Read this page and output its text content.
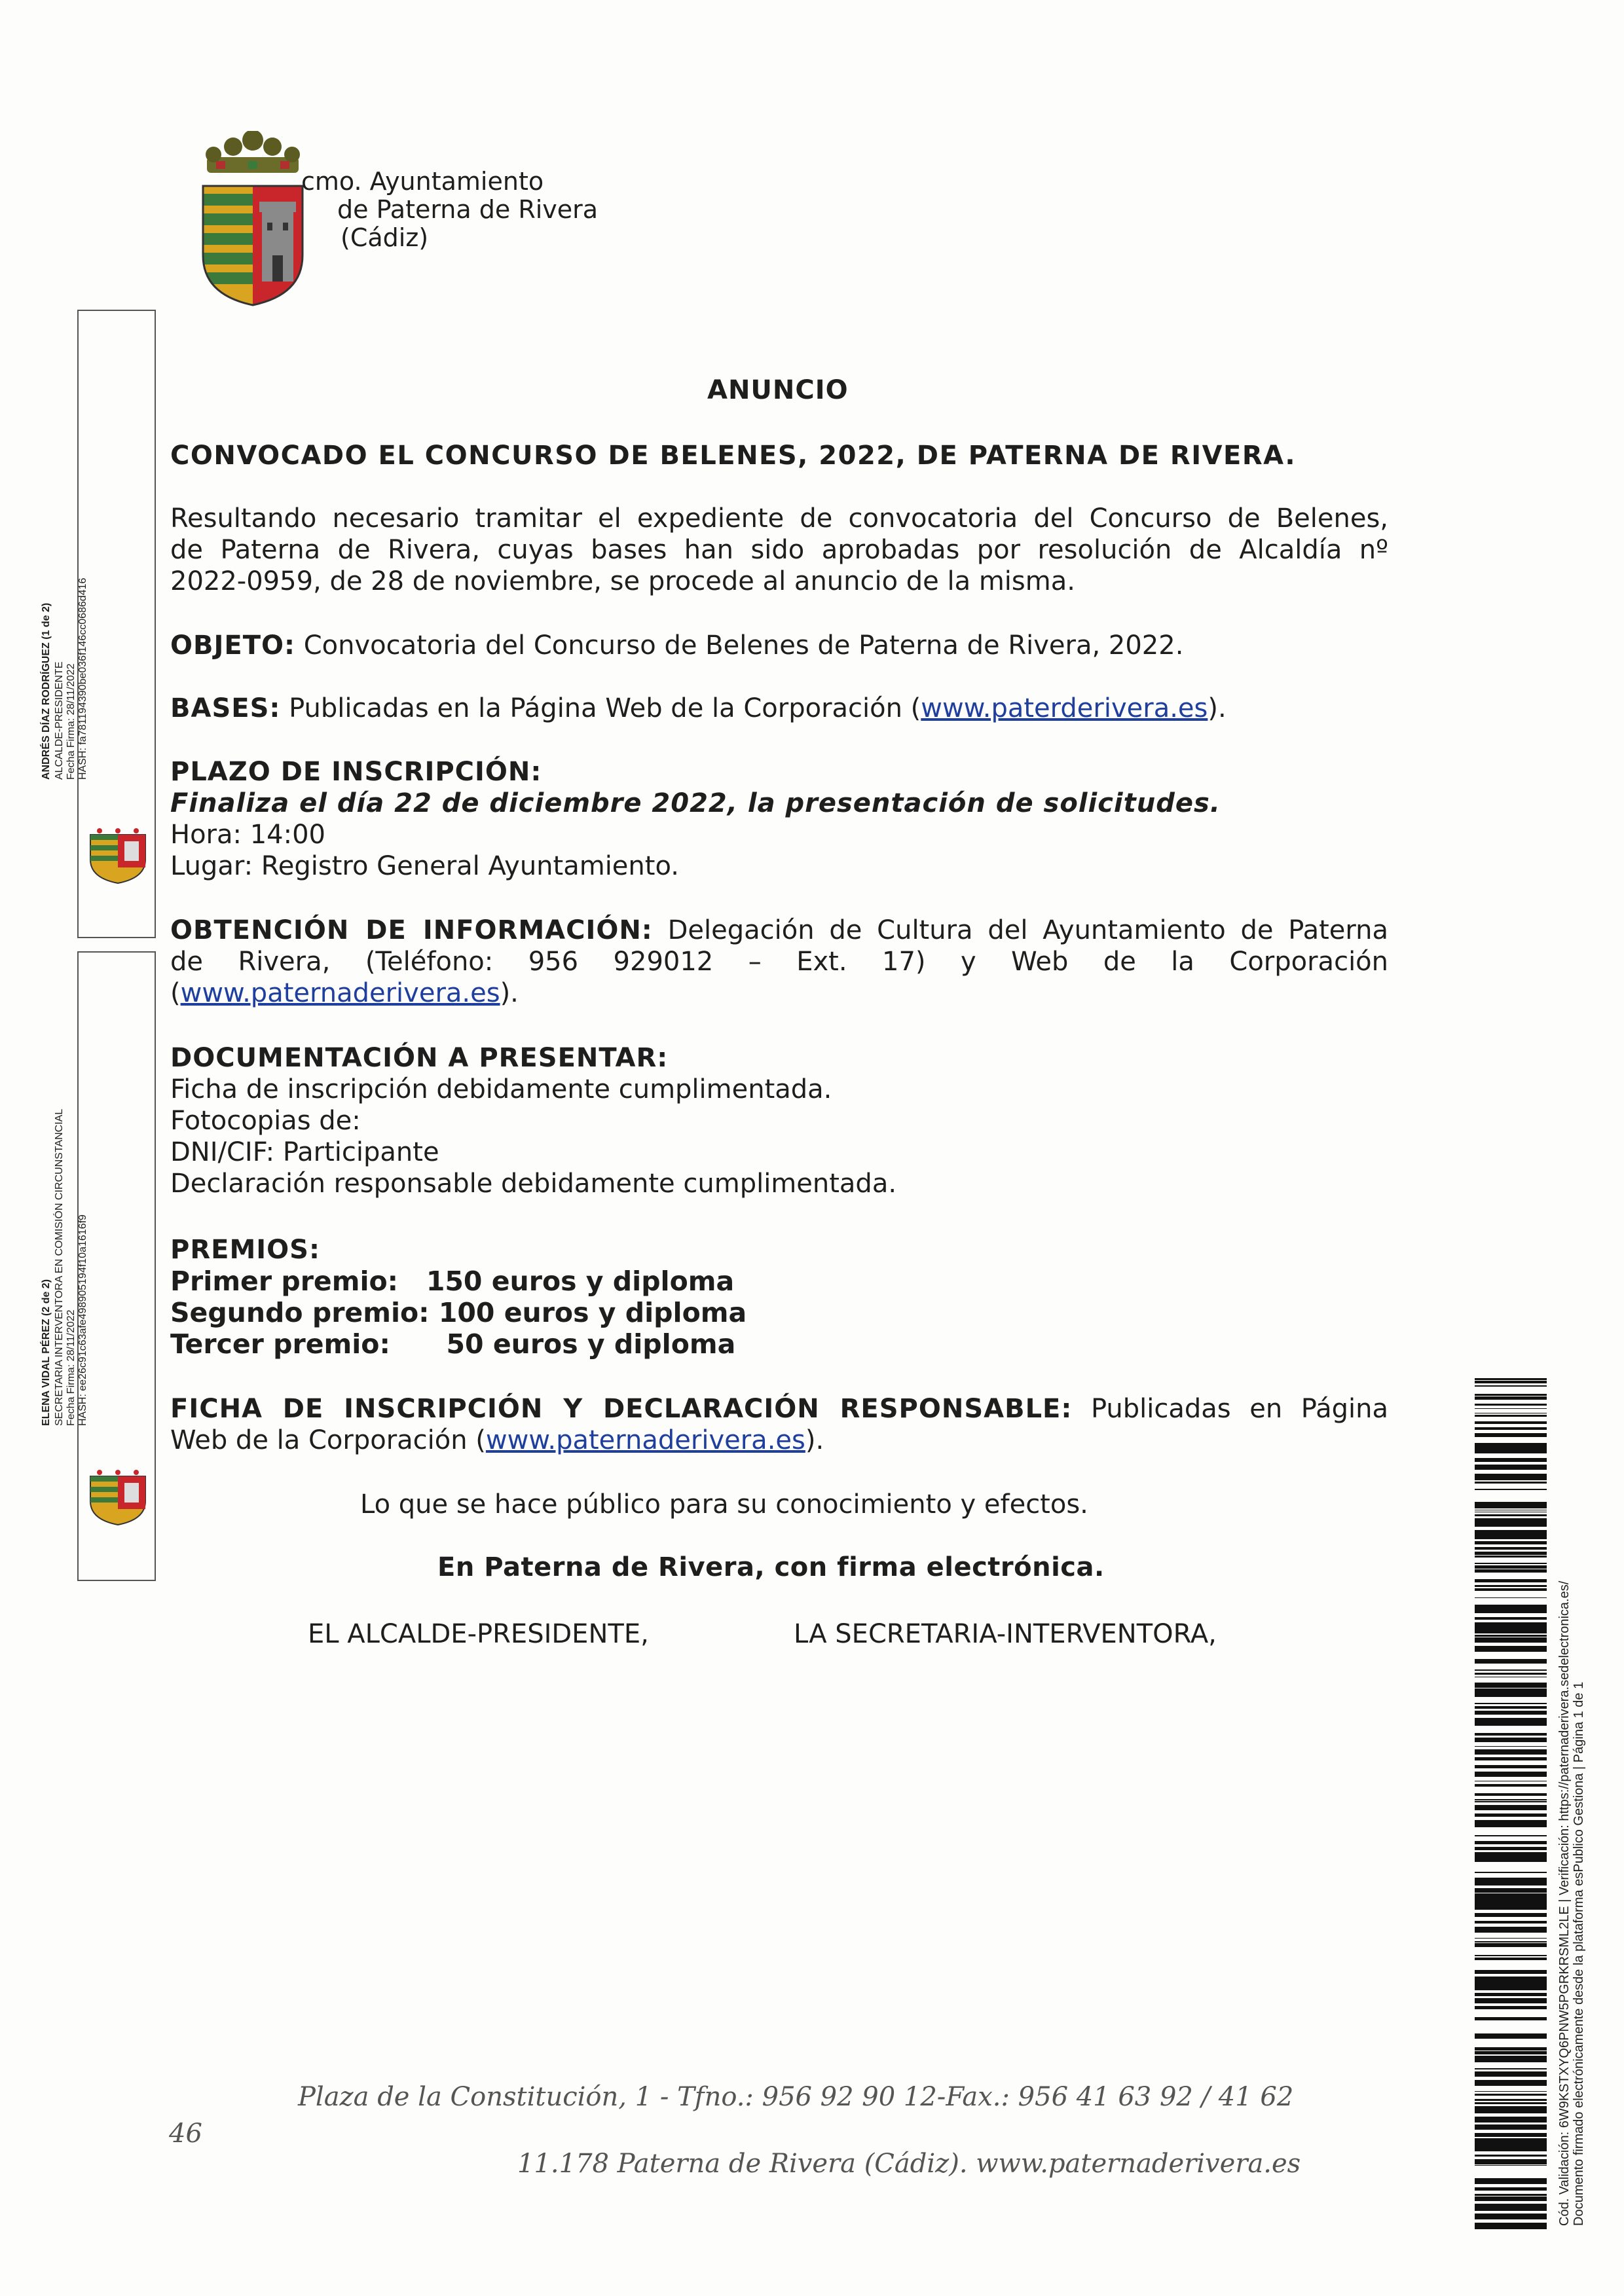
cmo. Ayuntamiento
de Paterna de Rivera
(Cádiz)
ANDRÉS DÍAZ RODRÍGUEZ (1 de 2) ALCALDE-PRESIDENTE Fecha Firma: 28/11/2022 HASH: fa781194390be036f146cc0686d416
ELENA VIDAL PÉREZ (2 de 2) SECRETARIA INTERVENTORA EN COMISIÓN CIRCUNSTANCIAL Fecha Firma: 28/11/2022 HASH: ee26c91c63afe498905194f10a1616f9
ANUNCIO
CONVOCADO EL CONCURSO DE BELENES, 2022, DE PATERNA DE RIVERA.
Resultando necesario tramitar el expediente de convocatoria del Concurso de Belenes,
de Paterna de Rivera, cuyas bases han sido aprobadas por resolución de Alcaldía nº
2022-0959, de 28 de noviembre, se procede al anuncio de la misma.
OBJETO: Convocatoria del Concurso de Belenes de Paterna de Rivera, 2022.
BASES: Publicadas en la Página Web de la Corporación (www.paterderivera.es).
PLAZO DE INSCRIPCIÓN:
Finaliza el día 22 de diciembre 2022, la presentación de solicitudes.
Hora: 14:00
Lugar: Registro General Ayuntamiento.
OBTENCIÓN DE INFORMACIÓN: Delegación de Cultura del Ayuntamiento de Paterna
de Rivera, (Teléfono: 956 929012 – Ext. 17) y Web de la Corporación
(www.paternaderivera.es).
DOCUMENTACIÓN A PRESENTAR:
Ficha de inscripción debidamente cumplimentada.
Fotocopias de:
DNI/CIF: Participante
Declaración responsable debidamente cumplimentada.
PREMIOS:
Primer premio:   150 euros y diploma
Segundo premio: 100 euros y diploma
Tercer premio:      50 euros y diploma
FICHA DE INSCRIPCIÓN Y DECLARACIÓN RESPONSABLE: Publicadas en Página
Web de la Corporación (www.paternaderivera.es).
Lo que se hace público para su conocimiento y efectos.
En Paterna de Rivera, con firma electrónica.
EL ALCALDE-PRESIDENTE,	LA SECRETARIA-INTERVENTORA,
46
Plaza de la Constitución, 1 - Tfno.: 956 92 90 12-Fax.: 956 41 63 92 / 41 62
11.178 Paterna de Rivera (Cádiz). www.paternaderivera.es	Cód. Validación: 6W9KSTXYQ6PNW5PGRKRSML2LE | Verificación: https://paternaderivera.sedelectronica.es/ Documento firmado electrónicamente desde la plataforma esPublico Gestiona | Página 1 de 1
